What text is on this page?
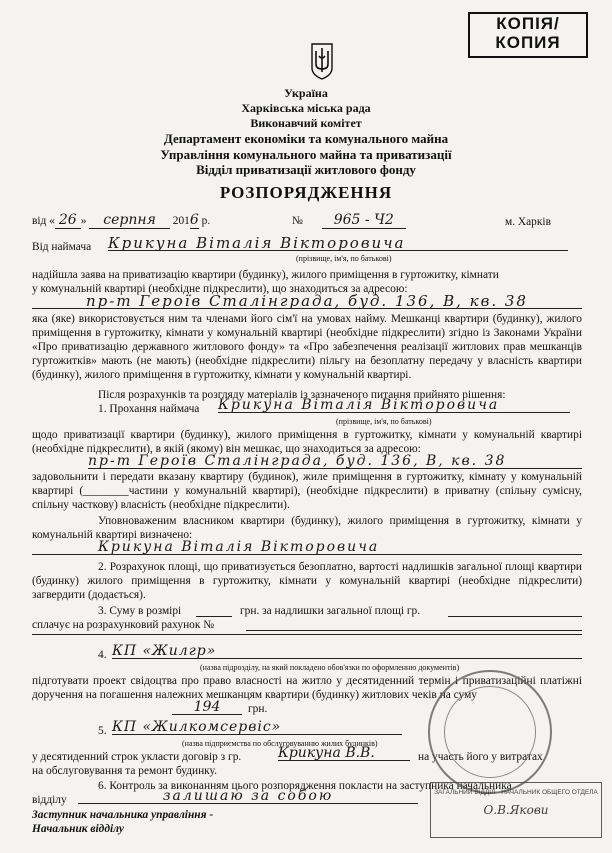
КОПІЯ/
КОПИЯ
Україна
Харківська міська рада
Виконавчий комітет
Департамент економіки та комунального майна
Управління комунального майна та приватизації
Відділ приватизації житлового фонду
РОЗПОРЯДЖЕННЯ
від « 26 » серпня 2016 р.	№ 965 - Ч2	м. Харків
Від наймача Крикуна Віталія Вікторовича
(прізвище, ім'я, по батькові)
надійшла заява на приватизацію квартири (будинку), жилого приміщення в гуртожитку, кімнати
у комунальній квартирі (необхідне підкреслити), що знаходиться за адресою:
пр-т Героїв Сталінграда, буд. 136, В, кв. 38
яка (яке) використовується ним та членами його сім'ї на умовах найму. Мешканці квартири (будинку), жилого приміщення в гуртожитку, кімнати у комунальній квартирі (необхідне підкреслити) згідно із Законами України «Про приватизацію державного житлового фонду» та «Про забезпечення реалізації житлових прав мешканців гуртожитків» мають (не мають) (необхідне підкреслити) пільгу на безоплатну передачу у власність квартири (будинку), жилого приміщення в гуртожитку, кімнати у комунальній квартирі.
Після розрахунків та розгляду матеріалів із зазначеного питання прийнято рішення:
1. Прохання наймача Крикуна Віталія Вікторовича
(прізвище, ім'я, по батькові)
щодо приватизації квартири (будинку), жилого приміщення в гуртожитку, кімнати у комунальній квартирі (необхідне підкреслити), в якій (якому) він мешкає, що знаходиться за адресою:
пр-т Героїв Сталінграда, буд. 136, В, кв. 38
задовольнити і передати вказану квартиру (будинок), жиле приміщення в гуртожитку, кімнату у комунальній квартирі (________частини у комунальній квартирі), (необхідне підкреслити) в приватну (спільну сумісну, спільну часткову) власність (необхідне підкреслити).
Уповноваженим власником квартири (будинку), жилого приміщення в гуртожитку, кімнати у комунальній квартирі визначено:
Крикуна Віталія Вікторовича
2. Розрахунок площі, що приватизується безоплатно, вартості надлишків загальної площі квартири (будинку) жилого приміщення в гуртожитку, кімнати у комунальній квартирі (необхідне підкреслити) загвердити (додається).
3. Суму в розмірі	грн. за надлишки загальної площі гр.
сплачує на розрахунковий рахунок №
4. КП «Жилгр»
(назва підрозділу, на який покладено обов'язки по оформленню документів)
підготувати проект свідоцтва про право власності на житло у десятиденний термін і приватизаційні платіжні доручення на погашення належних мешканцям квартири (будинку) житлових чеків на суму
194	грн.
5. КП «Жилкомсервіс»
(назва підприємства по обслуговуванню жилих будинків)
у десятиденний строк укласти договір з гр.	Крикуна В.В.	на участь його у витратах
на обслуговування та ремонт будинку.
6. Контроль за виконанням цього розпорядження покласти на заступника начальника
відділу	залишаю за собою
Заступник начальника управління -
Начальник відділу
ЗАГАЛЬНИЙ ВІДДІЛ · НАЧАЛЬНИК ОБЩЕГО ОТДЕЛА
О.В.Якови
